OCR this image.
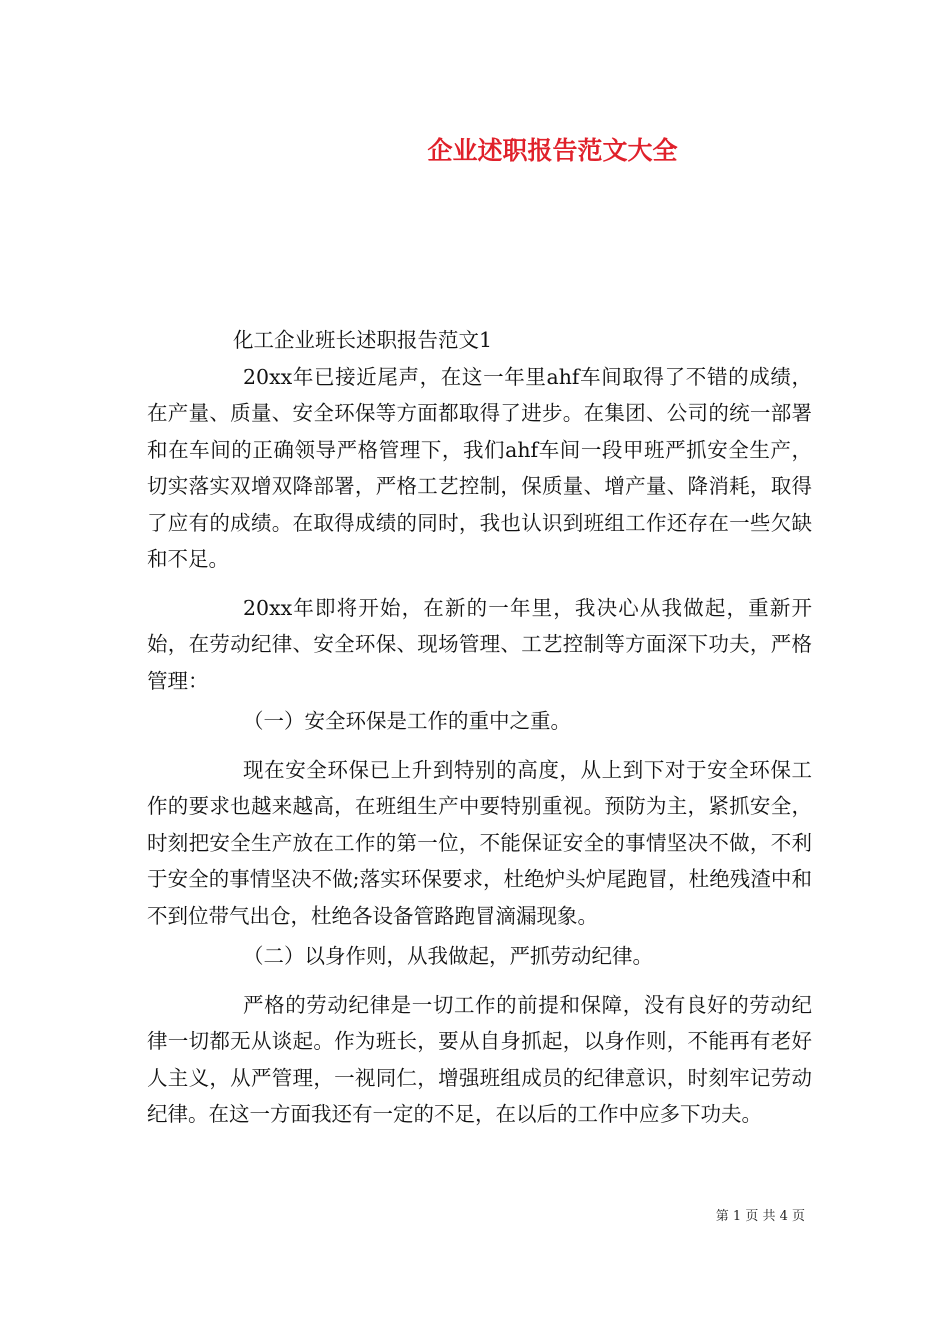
企业述职报告范文大全

化工企业班长述职报告范文1

20xx年已接近尾声，在这一年里ahf车间取得了不错的成绩，在产量、质量、安全环保等方面都取得了进步。在集团、公司的统一部署和在车间的正确领导严格管理下，我们ahf车间一段甲班严抓安全生产，切实落实双增双降部署，严格工艺控制，保质量、增产量、降消耗，取得了应有的成绩。在取得成绩的同时，我也认识到班组工作还存在一些欠缺和不足。

20xx年即将开始，在新的一年里，我决心从我做起，重新开始，在劳动纪律、安全环保、现场管理、工艺控制等方面深下功夫，严格管理：

（一）安全环保是工作的重中之重。

现在安全环保已上升到特别的高度，从上到下对于安全环保工作的要求也越来越高，在班组生产中要特别重视。预防为主，紧抓安全，时刻把安全生产放在工作的第一位，不能保证安全的事情坚决不做，不利于安全的事情坚决不做;落实环保要求，杜绝炉头炉尾跑冒，杜绝残渣中和不到位带气出仓，杜绝各设备管路跑冒滴漏现象。

（二）以身作则，从我做起，严抓劳动纪律。

严格的劳动纪律是一切工作的前提和保障，没有良好的劳动纪律一切都无从谈起。作为班长，要从自身抓起，以身作则，不能再有老好人主义，从严管理，一视同仁，增强班组成员的纪律意识，时刻牢记劳动纪律。在这一方面我还有一定的不足，在以后的工作中应多下功夫。

第 1 页 共 4 页
